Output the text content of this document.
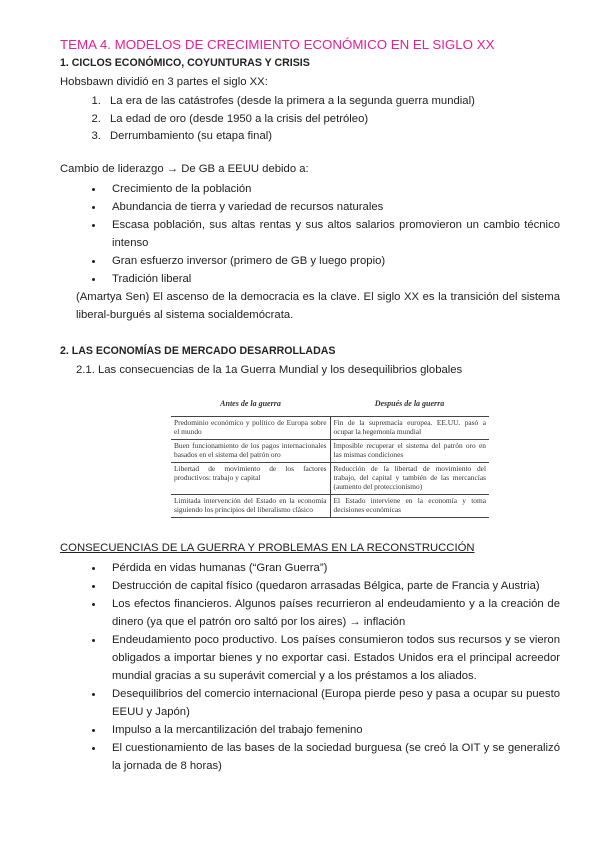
TEMA 4. MODELOS DE CRECIMIENTO ECONÓMICO EN EL SIGLO XX
1. CICLOS ECONÓMICO, COYUNTURAS Y CRISIS

Hobsbawn dividió en 3 partes el siglo XX:

1. La era de las catástrofes (desde la primera a la segunda guerra mundial)
2. La edad de oro (desde 1950 a la crisis del petróleo)
3. Derrumbamiento (su etapa final)

Cambio de liderazgo → De GB a EEUU debido a:

• Crecimiento de la población
• Abundancia de tierra y variedad de recursos naturales
• Escasa población, sus altas rentas y sus altos salarios promovieron un cambio técnico intenso
• Gran esfuerzo inversor (primero de GB y luego propio)
• Tradición liberal

(Amartya Sen) El ascenso de la democracia es la clave. El siglo XX es la transición del sistema liberal-burgués al sistema socialdemócrata.

2. LAS ECONOMÍAS DE MERCADO DESARROLLADAS

2.1. Las consecuencias de la 1a Guerra Mundial y los desequilibrios globales

Antes de la guerra	Después de la guerra
Predominio económico y político de Europa sobre el mundo	Fin de la supremacía europea. EE.UU. pasó a ocupar la hegemonía mundial
Buen funcionamiento de los pagos internacionales basados en el sistema del patrón oro	Imposible recuperar el sistema del patrón oro en las mismas condiciones
Libertad de movimiento de los factores productivos: trabajo y capital	Reducción de la libertad de movimiento del trabajo, del capital y también de las mercancías (aumento del proteccionismo)
Limitada intervención del Estado en la economía siguiendo los principios del liberalismo clásico	El Estado interviene en la economía y toma decisiones económicas

CONSECUENCIAS DE LA GUERRA Y PROBLEMAS EN LA RECONSTRUCCIÓN

• Pérdida en vidas humanas (“Gran Guerra”)
• Destrucción de capital físico (quedaron arrasadas Bélgica, parte de Francia y Austria)
• Los efectos financieros. Algunos países recurrieron al endeudamiento y a la creación de dinero (ya que el patrón oro saltó por los aires) → inflación
• Endeudamiento poco productivo. Los países consumieron todos sus recursos y se vieron obligados a importar bienes y no exportar casi. Estados Unidos era el principal acreedor mundial gracias a su superávit comercial y a los préstamos a los aliados.
• Desequilibrios del comercio internacional (Europa pierde peso y pasa a ocupar su puesto EEUU y Japón)
• Impulso a la mercantilización del trabajo femenino
• El cuestionamiento de las bases de la sociedad burguesa (se creó la OIT y se generalizó la jornada de 8 horas)
